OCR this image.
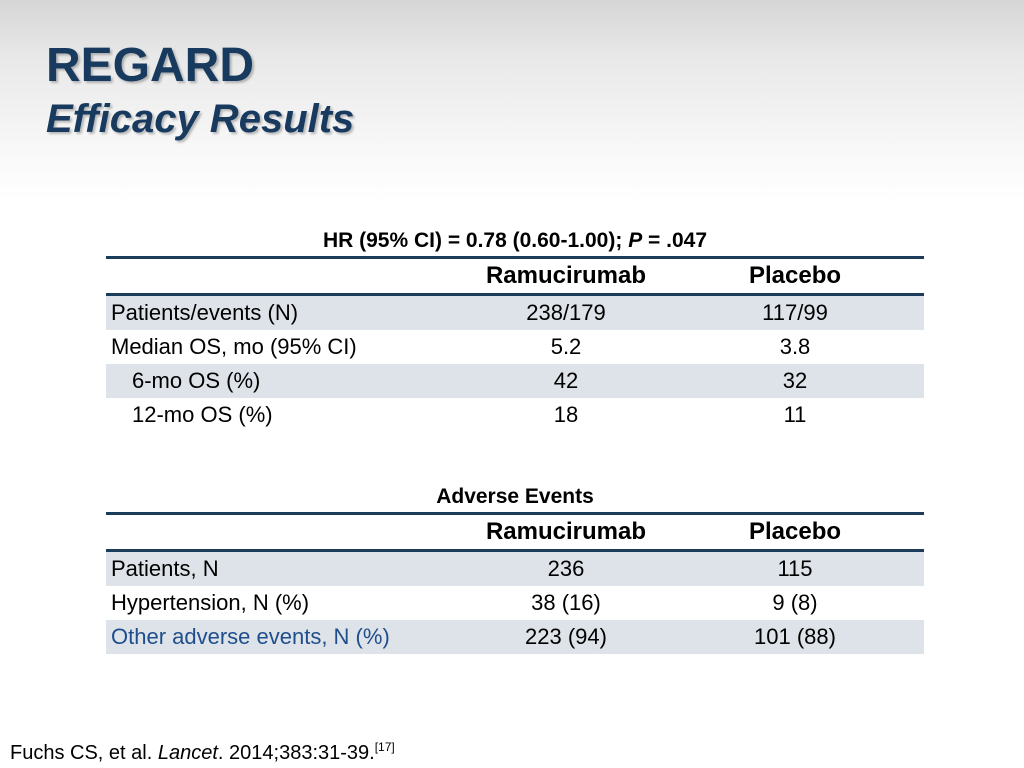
REGARD
Efficacy Results
HR (95% CI) = 0.78 (0.60-1.00); P = .047
	Ramucirumab	Placebo
Patients/events (N)	238/179	117/99
Median OS, mo (95% CI)	5.2	3.8
6-mo OS (%)	42	32
12-mo OS (%)	18	11
Adverse Events
	Ramucirumab	Placebo
Patients, N	236	115
Hypertension, N (%)	38 (16)	9 (8)
Other adverse events, N (%)	223 (94)	101 (88)
Fuchs CS, et al. Lancet. 2014;383:31-39.[17]
